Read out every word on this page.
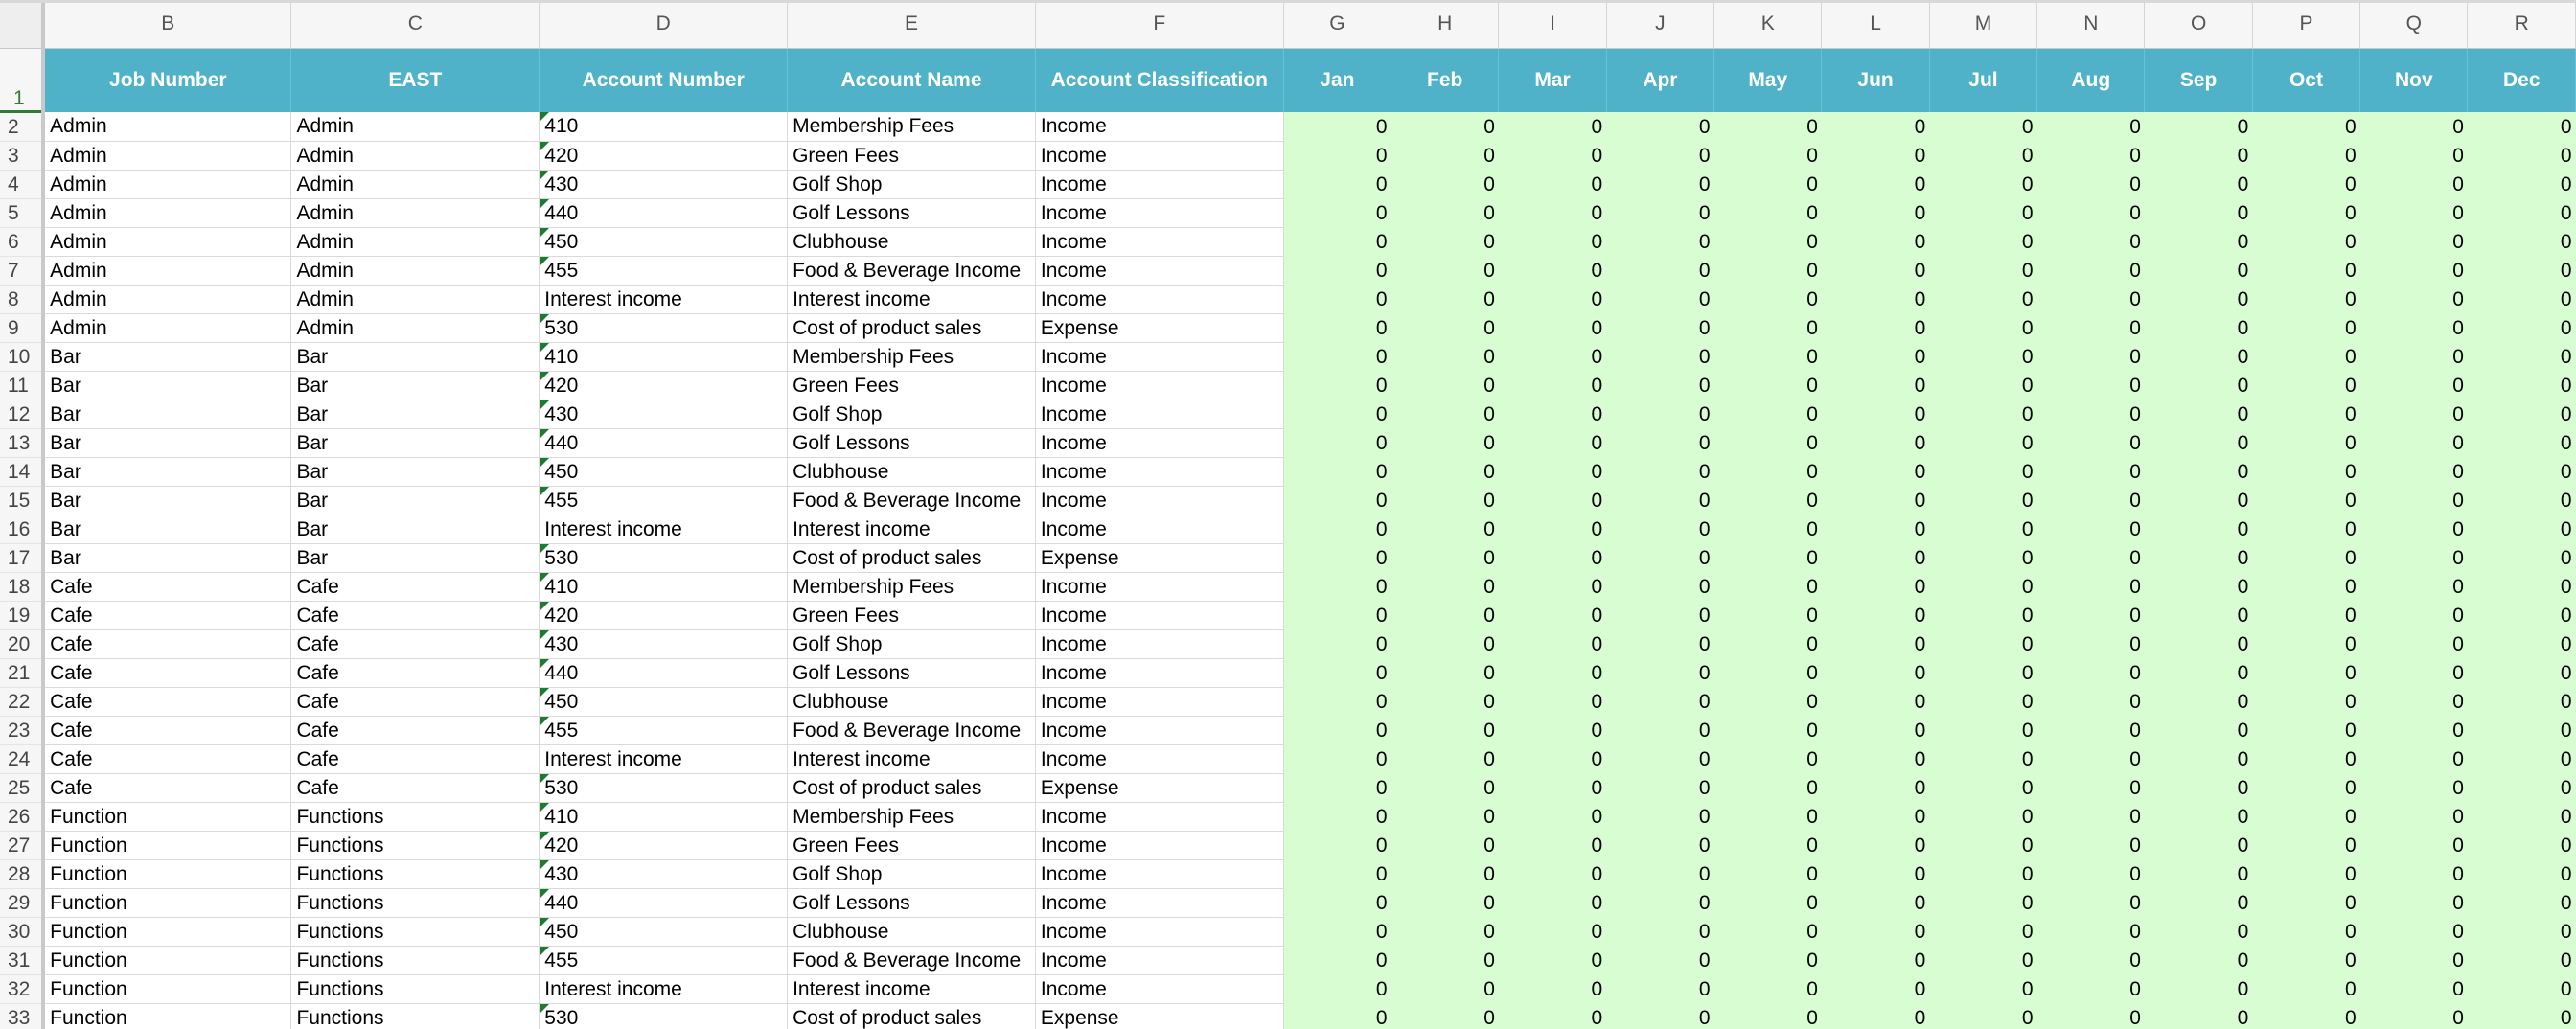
	B	C	D	E	F	G	H	I	J	K	L	M	N	O	P	Q	R
1	Job Number	EAST	Account Number	Account Name	Account Classification	Jan	Feb	Mar	Apr	May	Jun	Jul	Aug	Sep	Oct	Nov	Dec
2	Admin	Admin	410	Membership Fees	Income	0	0	0	0	0	0	0	0	0	0	0	0
3	Admin	Admin	420	Green Fees	Income	0	0	0	0	0	0	0	0	0	0	0	0
4	Admin	Admin	430	Golf Shop	Income	0	0	0	0	0	0	0	0	0	0	0	0
5	Admin	Admin	440	Golf Lessons	Income	0	0	0	0	0	0	0	0	0	0	0	0
6	Admin	Admin	450	Clubhouse	Income	0	0	0	0	0	0	0	0	0	0	0	0
7	Admin	Admin	455	Food & Beverage Income	Income	0	0	0	0	0	0	0	0	0	0	0	0
8	Admin	Admin	Interest income	Interest income	Income	0	0	0	0	0	0	0	0	0	0	0	0
9	Admin	Admin	530	Cost of product sales	Expense	0	0	0	0	0	0	0	0	0	0	0	0
10	Bar	Bar	410	Membership Fees	Income	0	0	0	0	0	0	0	0	0	0	0	0
11	Bar	Bar	420	Green Fees	Income	0	0	0	0	0	0	0	0	0	0	0	0
12	Bar	Bar	430	Golf Shop	Income	0	0	0	0	0	0	0	0	0	0	0	0
13	Bar	Bar	440	Golf Lessons	Income	0	0	0	0	0	0	0	0	0	0	0	0
14	Bar	Bar	450	Clubhouse	Income	0	0	0	0	0	0	0	0	0	0	0	0
15	Bar	Bar	455	Food & Beverage Income	Income	0	0	0	0	0	0	0	0	0	0	0	0
16	Bar	Bar	Interest income	Interest income	Income	0	0	0	0	0	0	0	0	0	0	0	0
17	Bar	Bar	530	Cost of product sales	Expense	0	0	0	0	0	0	0	0	0	0	0	0
18	Cafe	Cafe	410	Membership Fees	Income	0	0	0	0	0	0	0	0	0	0	0	0
19	Cafe	Cafe	420	Green Fees	Income	0	0	0	0	0	0	0	0	0	0	0	0
20	Cafe	Cafe	430	Golf Shop	Income	0	0	0	0	0	0	0	0	0	0	0	0
21	Cafe	Cafe	440	Golf Lessons	Income	0	0	0	0	0	0	0	0	0	0	0	0
22	Cafe	Cafe	450	Clubhouse	Income	0	0	0	0	0	0	0	0	0	0	0	0
23	Cafe	Cafe	455	Food & Beverage Income	Income	0	0	0	0	0	0	0	0	0	0	0	0
24	Cafe	Cafe	Interest income	Interest income	Income	0	0	0	0	0	0	0	0	0	0	0	0
25	Cafe	Cafe	530	Cost of product sales	Expense	0	0	0	0	0	0	0	0	0	0	0	0
26	Function	Functions	410	Membership Fees	Income	0	0	0	0	0	0	0	0	0	0	0	0
27	Function	Functions	420	Green Fees	Income	0	0	0	0	0	0	0	0	0	0	0	0
28	Function	Functions	430	Golf Shop	Income	0	0	0	0	0	0	0	0	0	0	0	0
29	Function	Functions	440	Golf Lessons	Income	0	0	0	0	0	0	0	0	0	0	0	0
30	Function	Functions	450	Clubhouse	Income	0	0	0	0	0	0	0	0	0	0	0	0
31	Function	Functions	455	Food & Beverage Income	Income	0	0	0	0	0	0	0	0	0	0	0	0
32	Function	Functions	Interest income	Interest income	Income	0	0	0	0	0	0	0	0	0	0	0	0
33	Function	Functions	530	Cost of product sales	Expense	0	0	0	0	0	0	0	0	0	0	0	0
